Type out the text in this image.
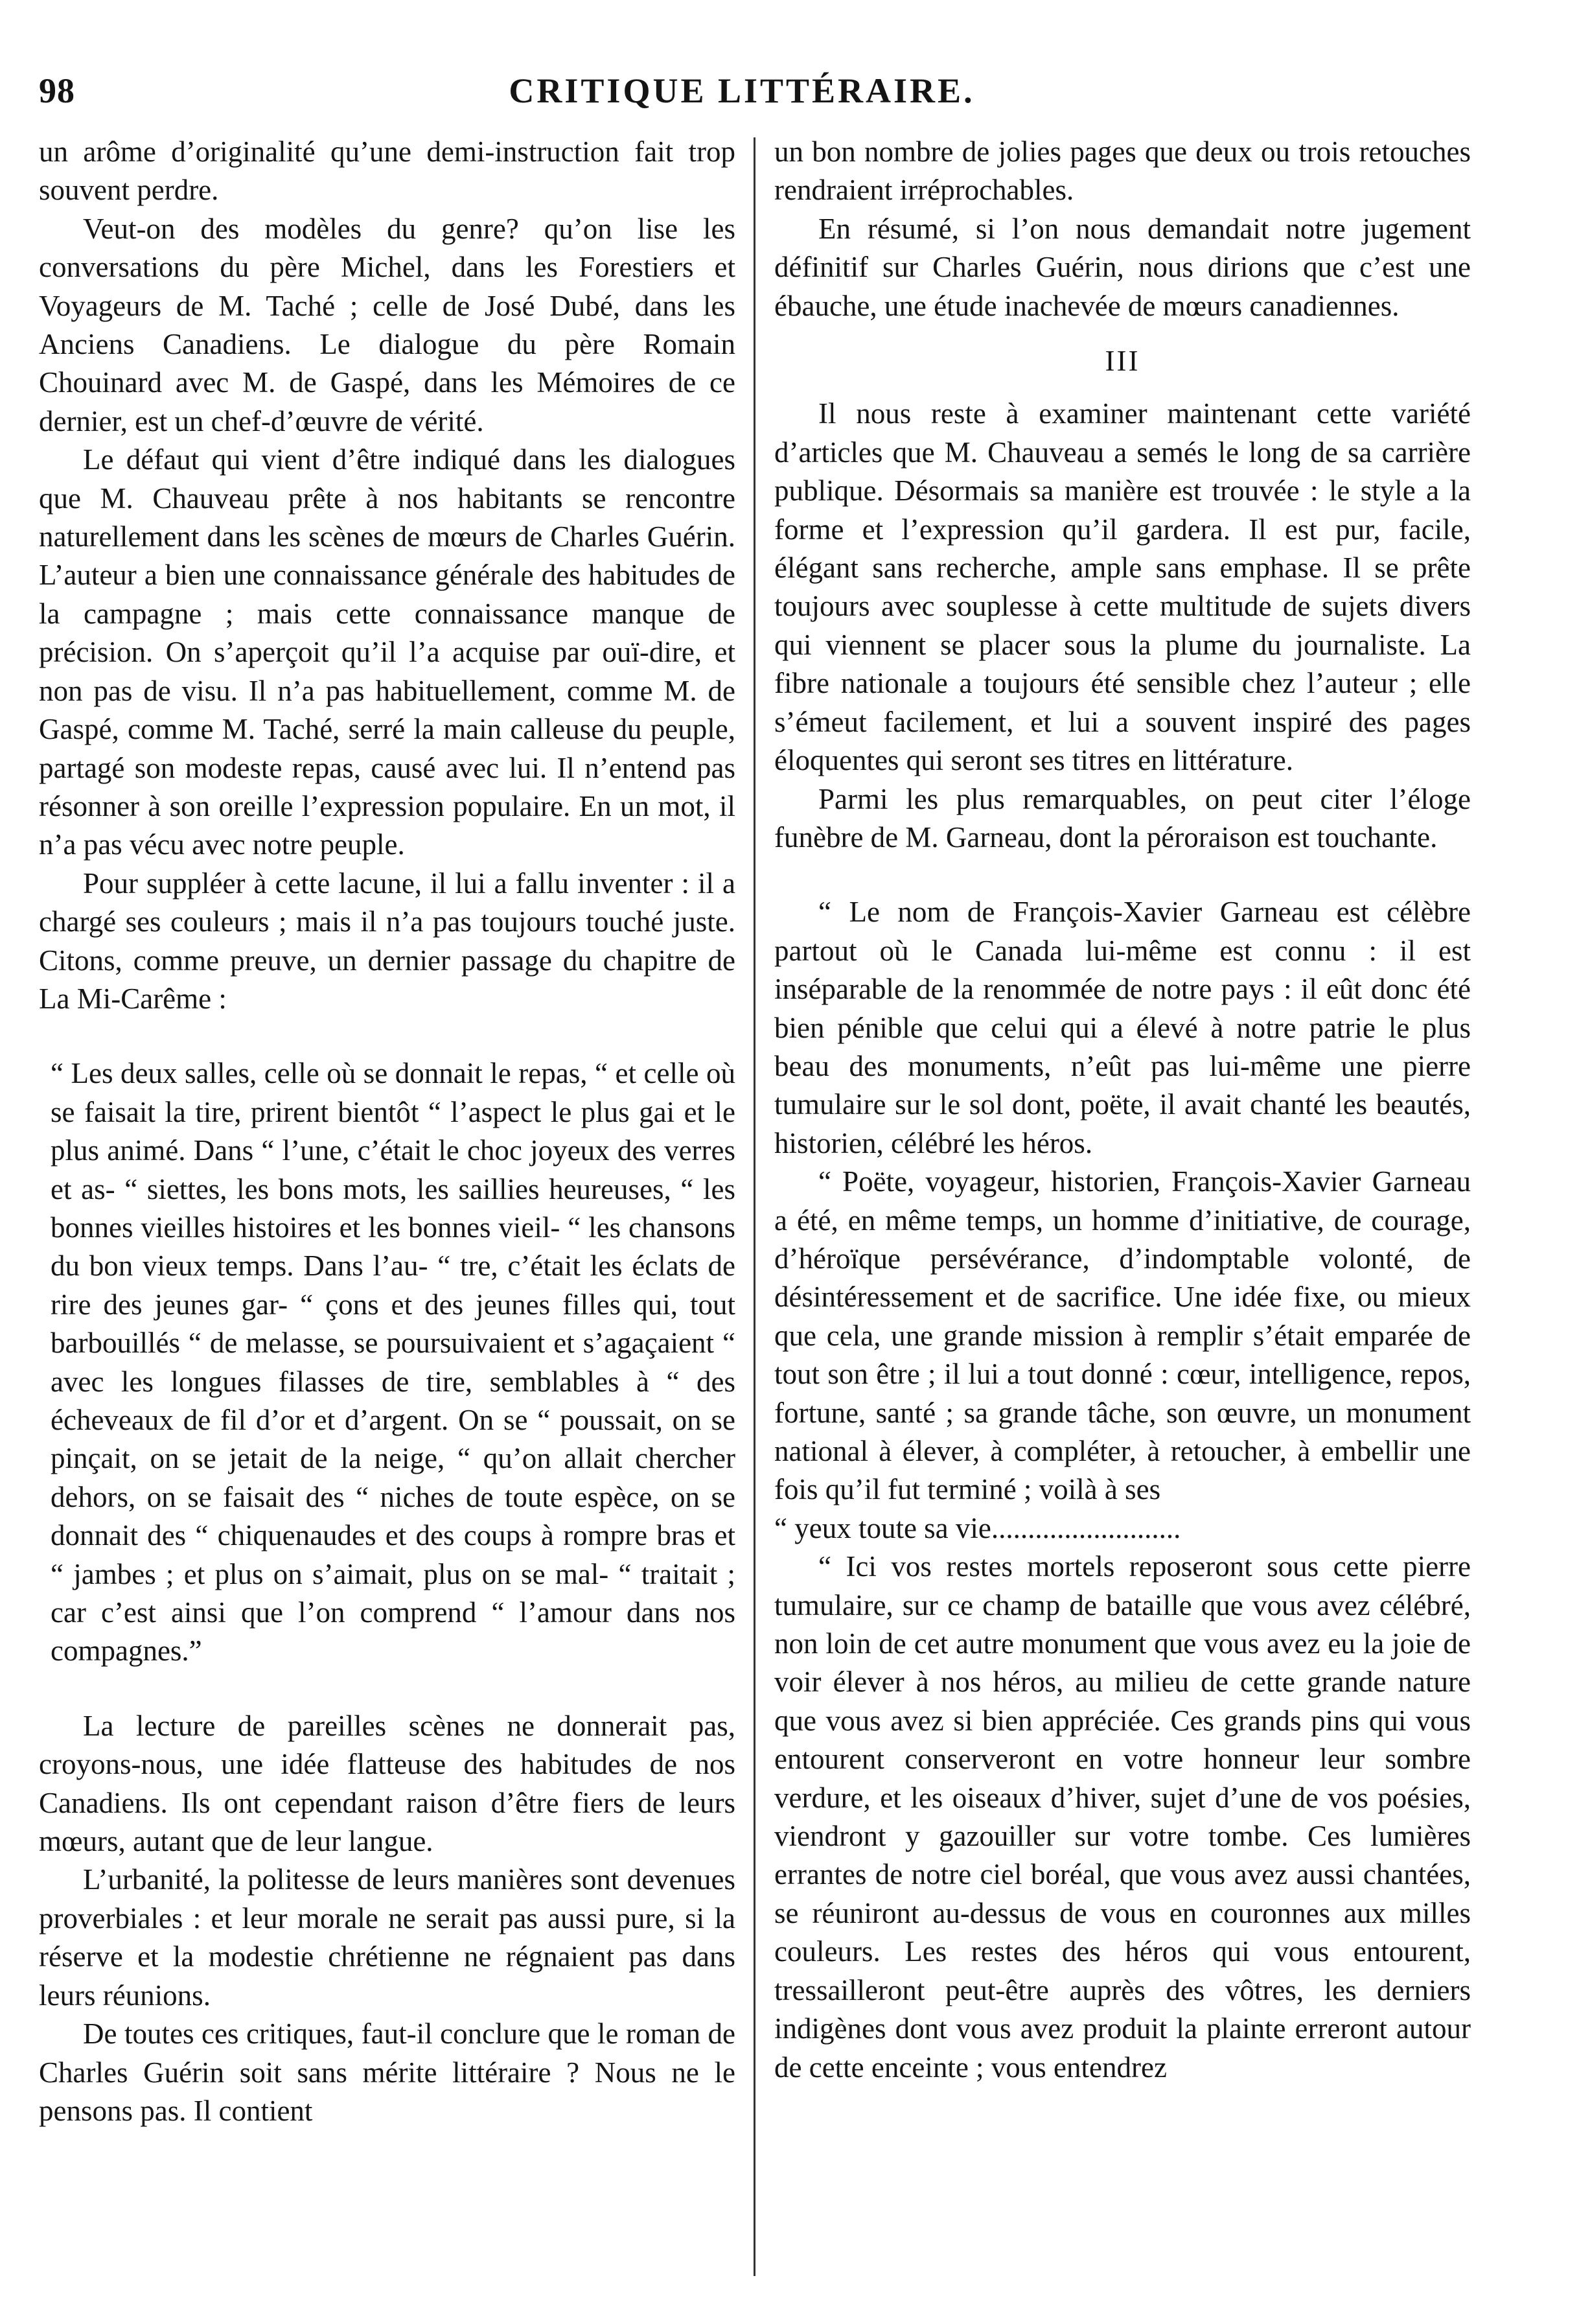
98	CRITIQUE LITTÉRAIRE.

un arôme d’originalité qu’une demi-instruction fait trop souvent perdre.

Veut-on des modèles du genre? qu’on lise les conversations du père Michel, dans les Forestiers et Voyageurs de M. Taché ; celle de José Dubé, dans les Anciens Canadiens. Le dialogue du père Romain Chouinard avec M. de Gaspé, dans les Mémoires de ce dernier, est un chef-d’œuvre de vérité.

Le défaut qui vient d’être indiqué dans les dialogues que M. Chauveau prête à nos habitants se rencontre naturellement dans les scènes de mœurs de Charles Guérin. L’auteur a bien une connaissance générale des habitudes de la campagne ; mais cette connaissance manque de précision. On s’aperçoit qu’il l’a acquise par ouï-dire, et non pas de visu. Il n’a pas habituellement, comme M. de Gaspé, comme M. Taché, serré la main calleuse du peuple, partagé son modeste repas, causé avec lui. Il n’entend pas résonner à son oreille l’expression populaire. En un mot, il n’a pas vécu avec notre peuple.

Pour suppléer à cette lacune, il lui a fallu inventer : il a chargé ses couleurs ; mais il n’a pas toujours touché juste. Citons, comme preuve, un dernier passage du chapitre de La Mi-Carême :

“ Les deux salles, celle où se donnait le repas, “ et celle où se faisait la tire, prirent bientôt “ l’aspect le plus gai et le plus animé. Dans “ l’une, c’était le choc joyeux des verres et as- “ siettes, les bons mots, les saillies heureuses, “ les bonnes vieilles histoires et les bonnes vieil- “ les chansons du bon vieux temps. Dans l’au- “ tre, c’était les éclats de rire des jeunes gar- “ çons et des jeunes filles qui, tout barbouillés “ de melasse, se poursuivaient et s’agaçaient “ avec les longues filasses de tire, semblables à “ des écheveaux de fil d’or et d’argent. On se “ poussait, on se pinçait, on se jetait de la neige, “ qu’on allait chercher dehors, on se faisait des “ niches de toute espèce, on se donnait des “ chiquenaudes et des coups à rompre bras et “ jambes ; et plus on s’aimait, plus on se mal- “ traitait ; car c’est ainsi que l’on comprend “ l’amour dans nos compagnes.”

La lecture de pareilles scènes ne donnerait pas, croyons-nous, une idée flatteuse des habitudes de nos Canadiens. Ils ont cependant raison d’être fiers de leurs mœurs, autant que de leur langue.

L’urbanité, la politesse de leurs manières sont devenues proverbiales : et leur morale ne serait pas aussi pure, si la réserve et la modestie chrétienne ne régnaient pas dans leurs réunions.

De toutes ces critiques, faut-il conclure que le roman de Charles Guérin soit sans mérite littéraire ? Nous ne le pensons pas. Il contient

un bon nombre de jolies pages que deux ou trois retouches rendraient irréprochables.

En résumé, si l’on nous demandait notre jugement définitif sur Charles Guérin, nous dirions que c’est une ébauche, une étude inachevée de mœurs canadiennes.

III

Il nous reste à examiner maintenant cette variété d’articles que M. Chauveau a semés le long de sa carrière publique. Désormais sa manière est trouvée : le style a la forme et l’expression qu’il gardera. Il est pur, facile, élégant sans recherche, ample sans emphase. Il se prête toujours avec souplesse à cette multitude de sujets divers qui viennent se placer sous la plume du journaliste. La fibre nationale a toujours été sensible chez l’auteur ; elle s’émeut facilement, et lui a souvent inspiré des pages éloquentes qui seront ses titres en littérature.

Parmi les plus remarquables, on peut citer l’éloge funèbre de M. Garneau, dont la péroraison est touchante.

“ Le nom de François-Xavier Garneau est célèbre partout où le Canada lui-même est connu : il est inséparable de la renommée de notre pays : il eût donc été bien pénible que celui qui a élevé à notre patrie le plus beau des monuments, n’eût pas lui-même une pierre tumulaire sur le sol dont, poëte, il avait chanté les beautés, historien, célébré les héros.

“ Poëte, voyageur, historien, François-Xavier Garneau a été, en même temps, un homme d’initiative, de courage, d’héroïque persévérance, d’indomptable volonté, de désintéressement et de sacrifice. Une idée fixe, ou mieux que cela, une grande mission à remplir s’était emparée de tout son être ; il lui a tout donné : cœur, intelligence, repos, fortune, santé ; sa grande tâche, son œuvre, un monument national à élever, à compléter, à retoucher, à embellir une fois qu’il fut terminé ; voilà à ses

“ yeux toute sa vie..........................

“ Ici vos restes mortels reposeront sous cette pierre tumulaire, sur ce champ de bataille que vous avez célébré, non loin de cet autre monument que vous avez eu la joie de voir élever à nos héros, au milieu de cette grande nature que vous avez si bien appréciée. Ces grands pins qui vous entourent conserveront en votre honneur leur sombre verdure, et les oiseaux d’hiver, sujet d’une de vos poésies, viendront y gazouiller sur votre tombe. Ces lumières errantes de notre ciel boréal, que vous avez aussi chantées, se réuniront au-dessus de vous en couronnes aux milles couleurs. Les restes des héros qui vous entourent, tressailleront peut-être auprès des vôtres, les derniers indigènes dont vous avez produit la plainte erreront autour de cette enceinte ; vous entendrez
